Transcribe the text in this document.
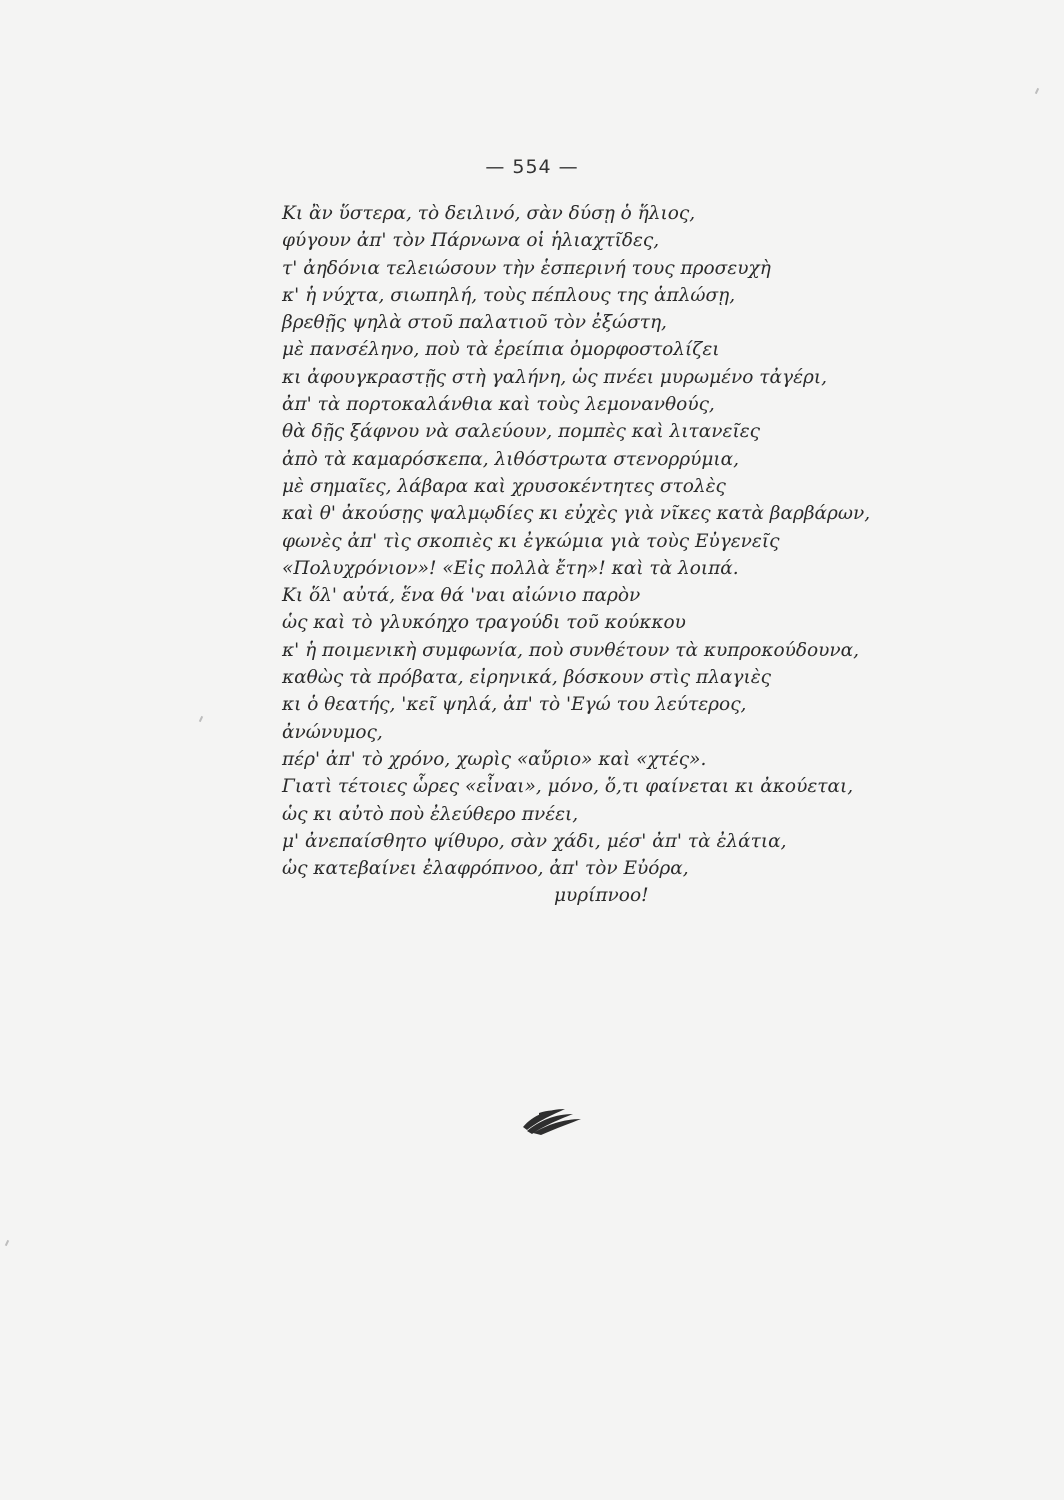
— 554 —
Κι ἂν ὕστερα, τὸ δειλινό, σὰν δύσῃ ὁ ἥλιος,
φύγουν ἀπ' τὸν Πάρνωνα οἱ ἡλιαχτῖδες,
τ' ἀηδόνια τελειώσουν τὴν ἑσπερινή τους προσευχὴ
κ' ἡ νύχτα, σιωπηλή, τοὺς πέπλους της ἁπλώσῃ,
βρεθῇς ψηλὰ στοῦ παλατιοῦ τὸν ἐξώστη,
μὲ πανσέληνο, ποὺ τὰ ἐρείπια ὀμορφοστολίζει
κι ἀφουγκραστῇς στὴ γαλήνη, ὡς πνέει μυρωμένο τἀγέρι,
ἀπ' τὰ πορτοκαλάνθια καὶ τοὺς λεμονανθούς,
θὰ δῇς ξάφνου νὰ σαλεύουν, πομπὲς καὶ λιτανεῖες
ἀπὸ τὰ καμαρόσκεπα, λιθόστρωτα στενορρύμια,
μὲ σημαῖες, λάβαρα καὶ χρυσοκέντητες στολὲς
καὶ θ' ἀκούσῃς ψαλμῳδίες κι εὐχὲς γιὰ νῖκες κατὰ βαρβάρων,
φωνὲς ἀπ' τὶς σκοπιὲς κι ἐγκώμια γιὰ τοὺς Εὐγενεῖς
«Πολυχρόνιον»! «Εἰς πολλὰ ἔτη»! καὶ τὰ λοιπά.
Κι ὅλ' αὐτά, ἕνα θά 'ναι αἰώνιο παρὸν
ὡς καὶ τὸ γλυκόηχο τραγούδι τοῦ κούκκου
κ' ἡ ποιμενικὴ συμφωνία, ποὺ συνθέτουν τὰ κυπροκούδουνα,
καθὼς τὰ πρόβατα, εἰρηνικά, βόσκουν στὶς πλαγιὲς
κι ὁ θεατής, 'κεῖ ψηλά, ἀπ' τὸ 'Εγώ του λεύτερος,
ἀνώνυμος,
πέρ' ἀπ' τὸ χρόνο, χωρὶς «αὔριο» καὶ «χτές».
Γιατὶ τέτοιες ὧρες «εἶναι», μόνο, ὅ,τι φαίνεται κι ἀκούεται,
ὡς κι αὐτὸ ποὺ ἐλεύθερο πνέει,
μ' ἀνεπαίσθητο ψίθυρο, σὰν χάδι, μέσ' ἀπ' τὰ ἐλάτια,
ὡς κατεβαίνει ἐλαφρόπνοο, ἀπ' τὸν Εὐόρα,
μυρίπνοο!
